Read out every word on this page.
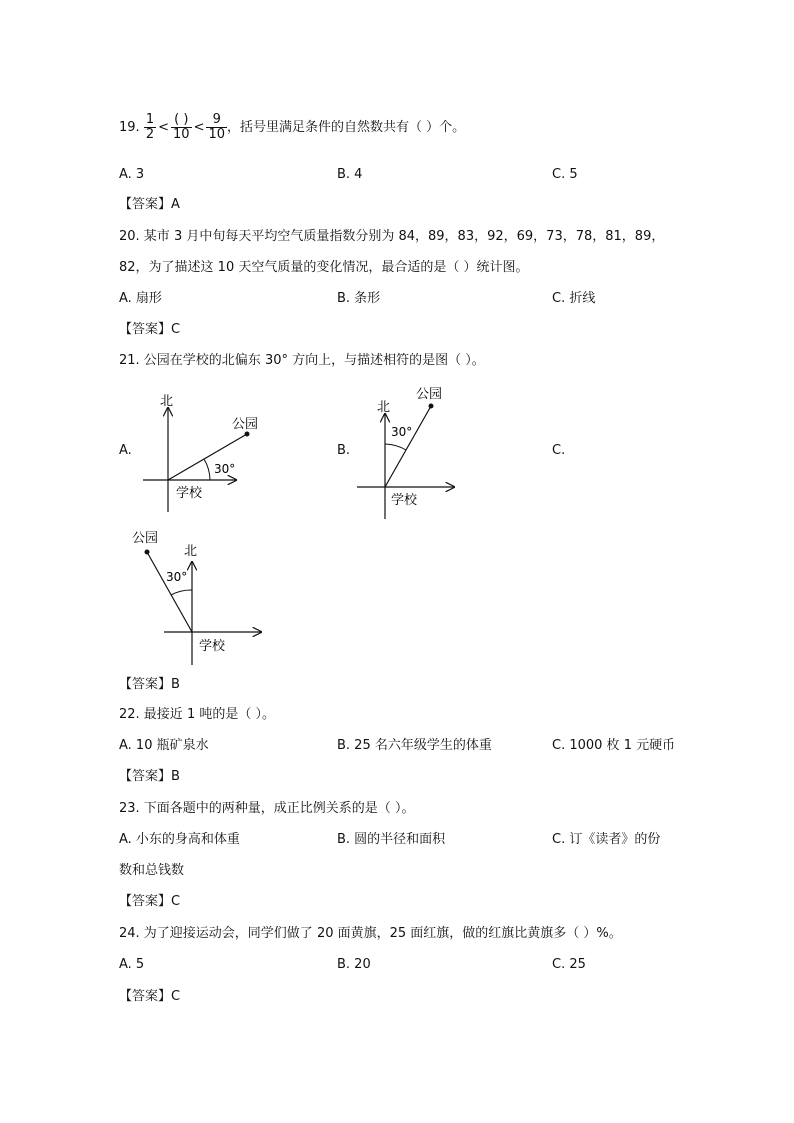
19. $\frac{1}{2} < \frac{( )}{10} < \frac{9}{10}$ ，括号里满足条件的自然数共有（ ）个。
A. 3	B. 4	C. 5
【答案】A
20. 某市 3 月中旬每天平均空气质量指数分别为 84，89，83，92，69，73，78，81，89，
82，为了描述这 10 天空气质量的变化情况，最合适的是（ ）统计图。
A. 扇形	B. 条形	C. 折线
【答案】C
21. 公园在学校的北偏东 30° 方向上，与描述相符的是图（ ）。
A.	B.	C.
北
公园
30°
学校
北
公园
30°
学校
北
公园
30°
学校
【答案】B
22. 最接近 1 吨的是（ ）。
A. 10 瓶矿泉水	B. 25 名六年级学生的体重	C. 1000 枚 1 元硬币
【答案】B
23. 下面各题中的两种量，成正比例关系的是（ ）。
A. 小东的身高和体重	B. 圆的半径和面积	C. 订《读者》的份
数和总钱数
【答案】C
24. 为了迎接运动会，同学们做了 20 面黄旗，25 面红旗，做的红旗比黄旗多（ ）%。
A. 5	B. 20	C. 25
【答案】C
